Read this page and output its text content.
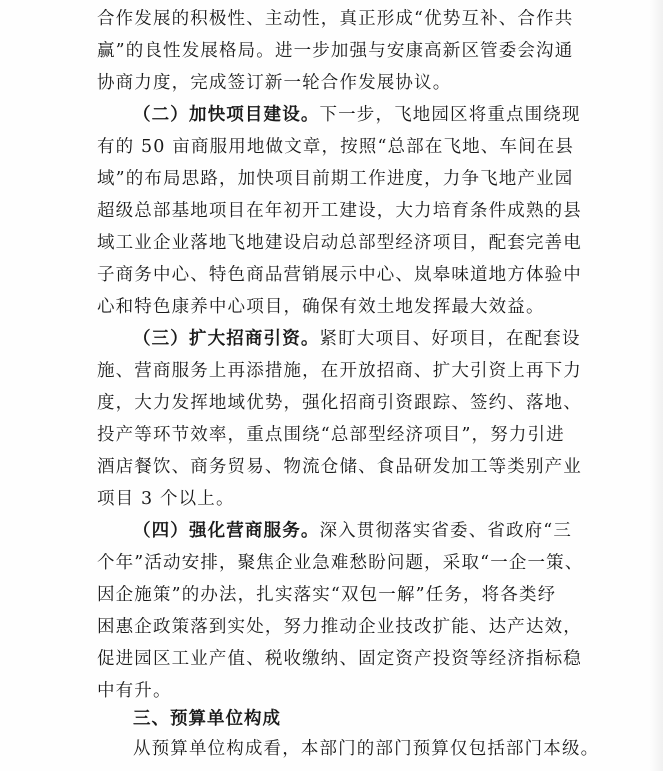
合作发展的积极性、主动性，真正形成“优势互补、合作共
赢”的良性发展格局。进一步加强与安康高新区管委会沟通
协商力度，完成签订新一轮合作发展协议。
（二）加快项目建设。下一步，飞地园区将重点围绕现
有的 50 亩商服用地做文章，按照“总部在飞地、车间在县
域”的布局思路，加快项目前期工作进度，力争飞地产业园
超级总部基地项目在年初开工建设，大力培育条件成熟的县
域工业企业落地飞地建设启动总部型经济项目，配套完善电
子商务中心、特色商品营销展示中心、岚皋味道地方体验中
心和特色康养中心项目，确保有效土地发挥最大效益。
（三）扩大招商引资。紧盯大项目、好项目，在配套设
施、营商服务上再添措施，在开放招商、扩大引资上再下力
度，大力发挥地域优势，强化招商引资跟踪、签约、落地、
投产等环节效率，重点围绕“总部型经济项目”，努力引进
酒店餐饮、商务贸易、物流仓储、食品研发加工等类别产业
项目 3 个以上。
（四）强化营商服务。深入贯彻落实省委、省政府“三
个年”活动安排，聚焦企业急难愁盼问题，采取“一企一策、
因企施策”的办法，扎实落实“双包一解”任务，将各类纾
困惠企政策落到实处，努力推动企业技改扩能、达产达效，
促进园区工业产值、税收缴纳、固定资产投资等经济指标稳
中有升。
三、预算单位构成
从预算单位构成看，本部门的部门预算仅包括部门本级。
